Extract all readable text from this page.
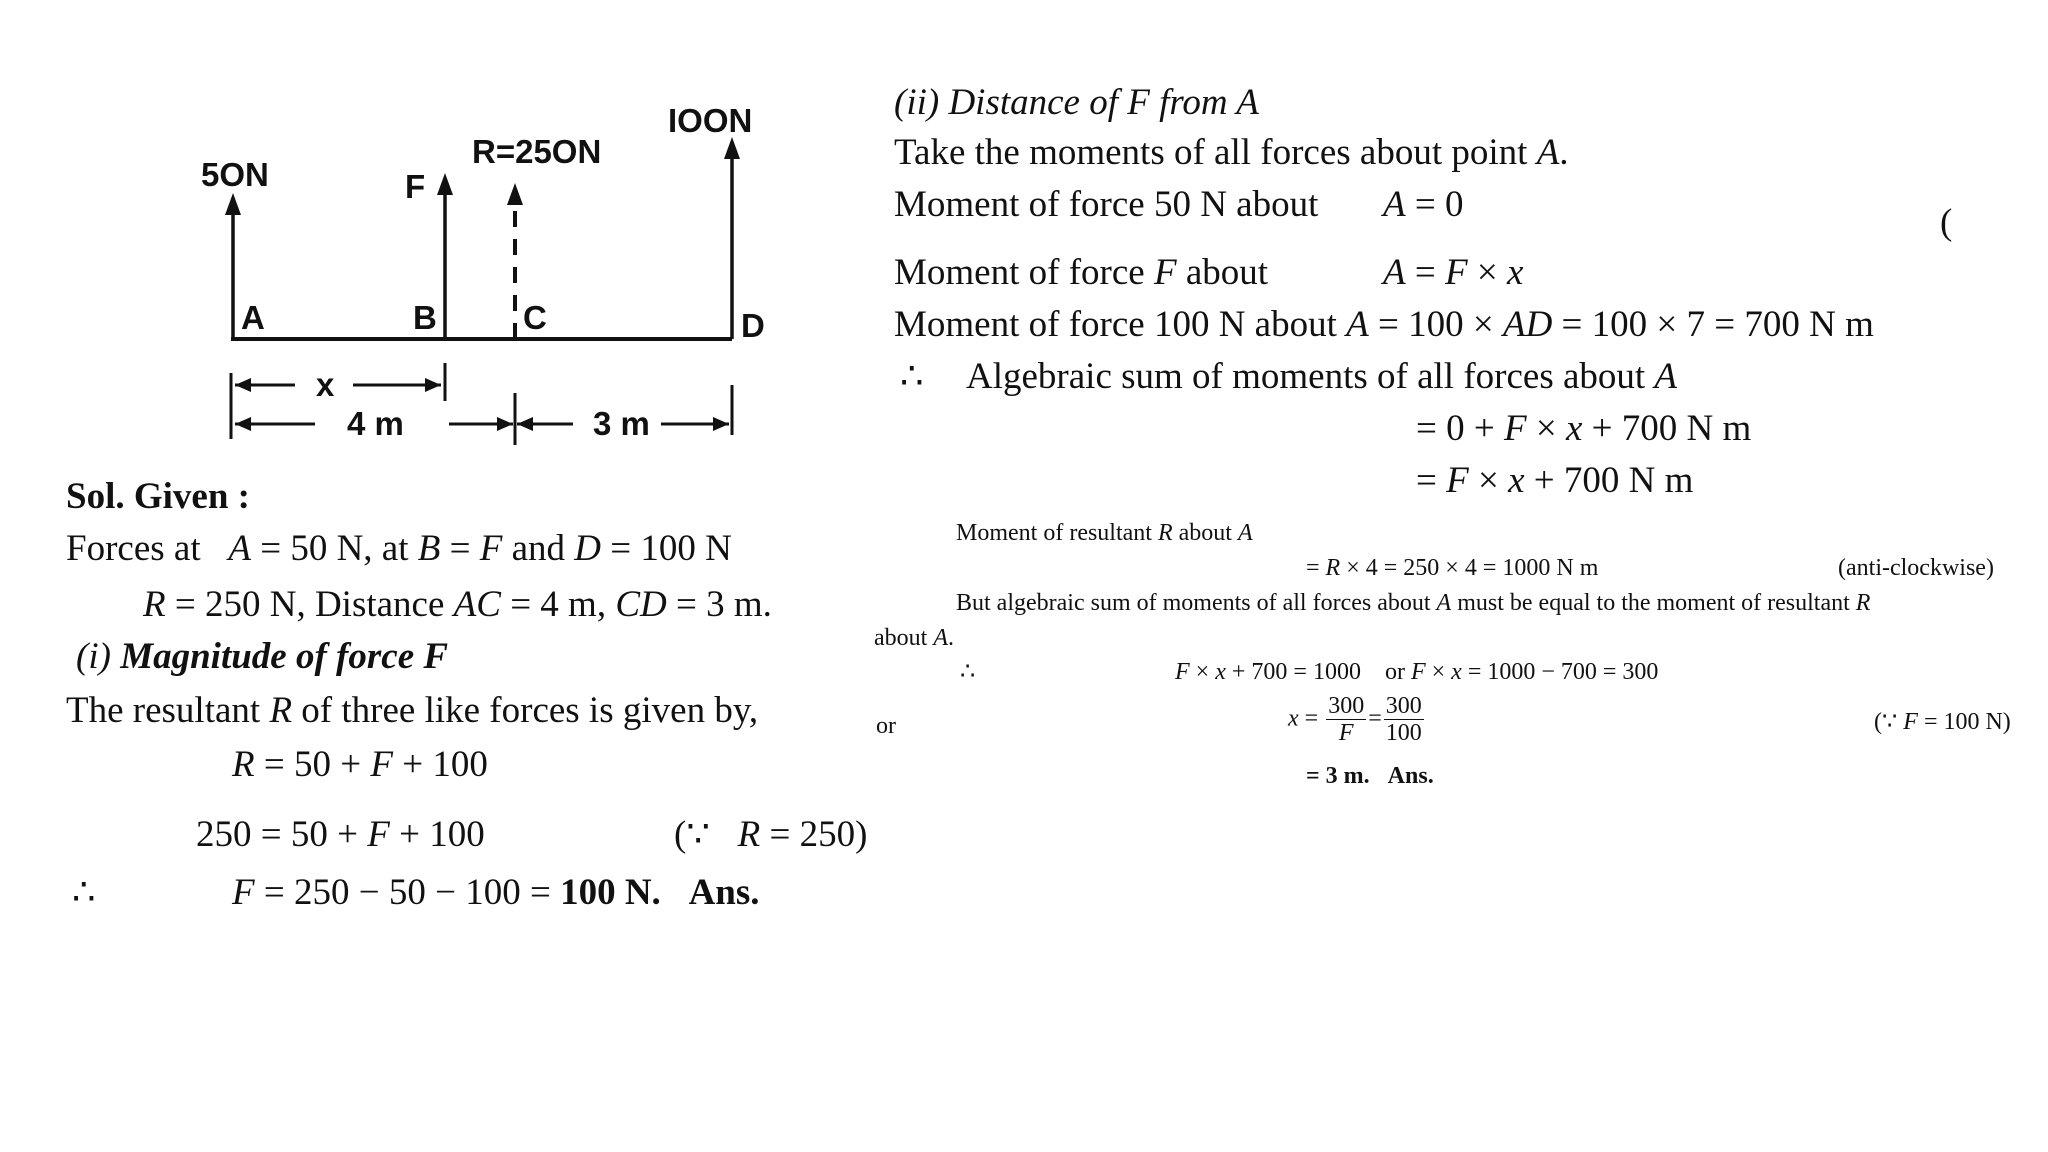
5ON	F
R=25ON
IOON
A	B	C	D
x
4 m	3 m
Sol. Given :
Forces at A = 50 N, at B = F and D = 100 N
R = 250 N, Distance AC = 4 m, CD = 3 m.
(i) Magnitude of force F
The resultant R of three like forces is given by,
R = 50 + F + 100
250 = 50 + F + 100	(∵ R = 250)
∴	F = 250 − 50 − 100 = 100 N. Ans.
(ii) Distance of F from A
Take the moments of all forces about point A.
Moment of force 50 N about A = 0	(
Moment of force F about	A = F × x
Moment of force 100 N about A = 100 × AD = 100 × 7 = 700 N m
∴ Algebraic sum of moments of all forces about A
= 0 + F × x + 700 N m
= F × x + 700 N m
Moment of resultant R about A
= R × 4 = 250 × 4 = 1000 N m	(anti-clockwise)
But algebraic sum of moments of all forces about A must be equal to the moment of resultant R
about A.
∴	F × x + 700 = 1000 or F × x = 1000 − 700 = 300
or	$x = \frac{300}{F} = \frac{300}{100}$	(∵ F = 100 N)
= 3 m. Ans.
